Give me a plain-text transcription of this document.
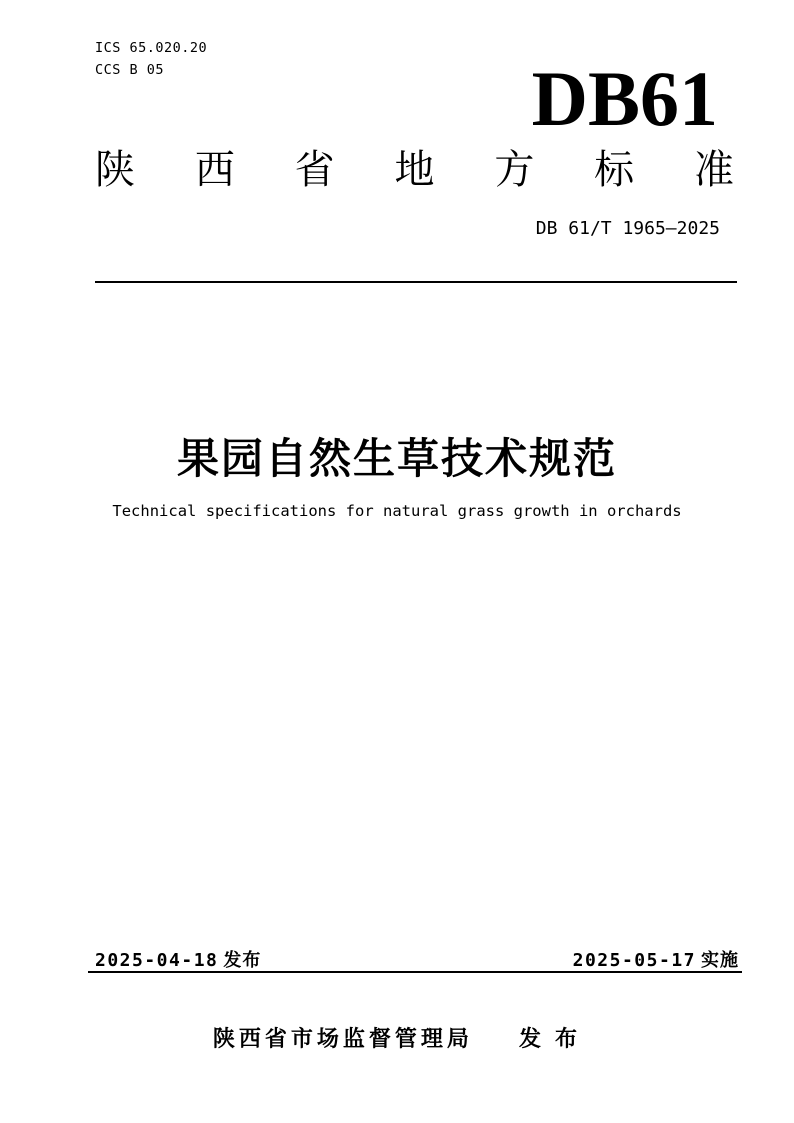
ICS 65.020.20
CCS B 05	DB61
陕 西 省 地 方 标 准
DB 61/T 1965—2025
果园自然生草技术规范
Technical specifications for natural grass growth in orchards
2025-04-18 发布	2025-05-17 实施
陕西省市场监督管理局 发 布
